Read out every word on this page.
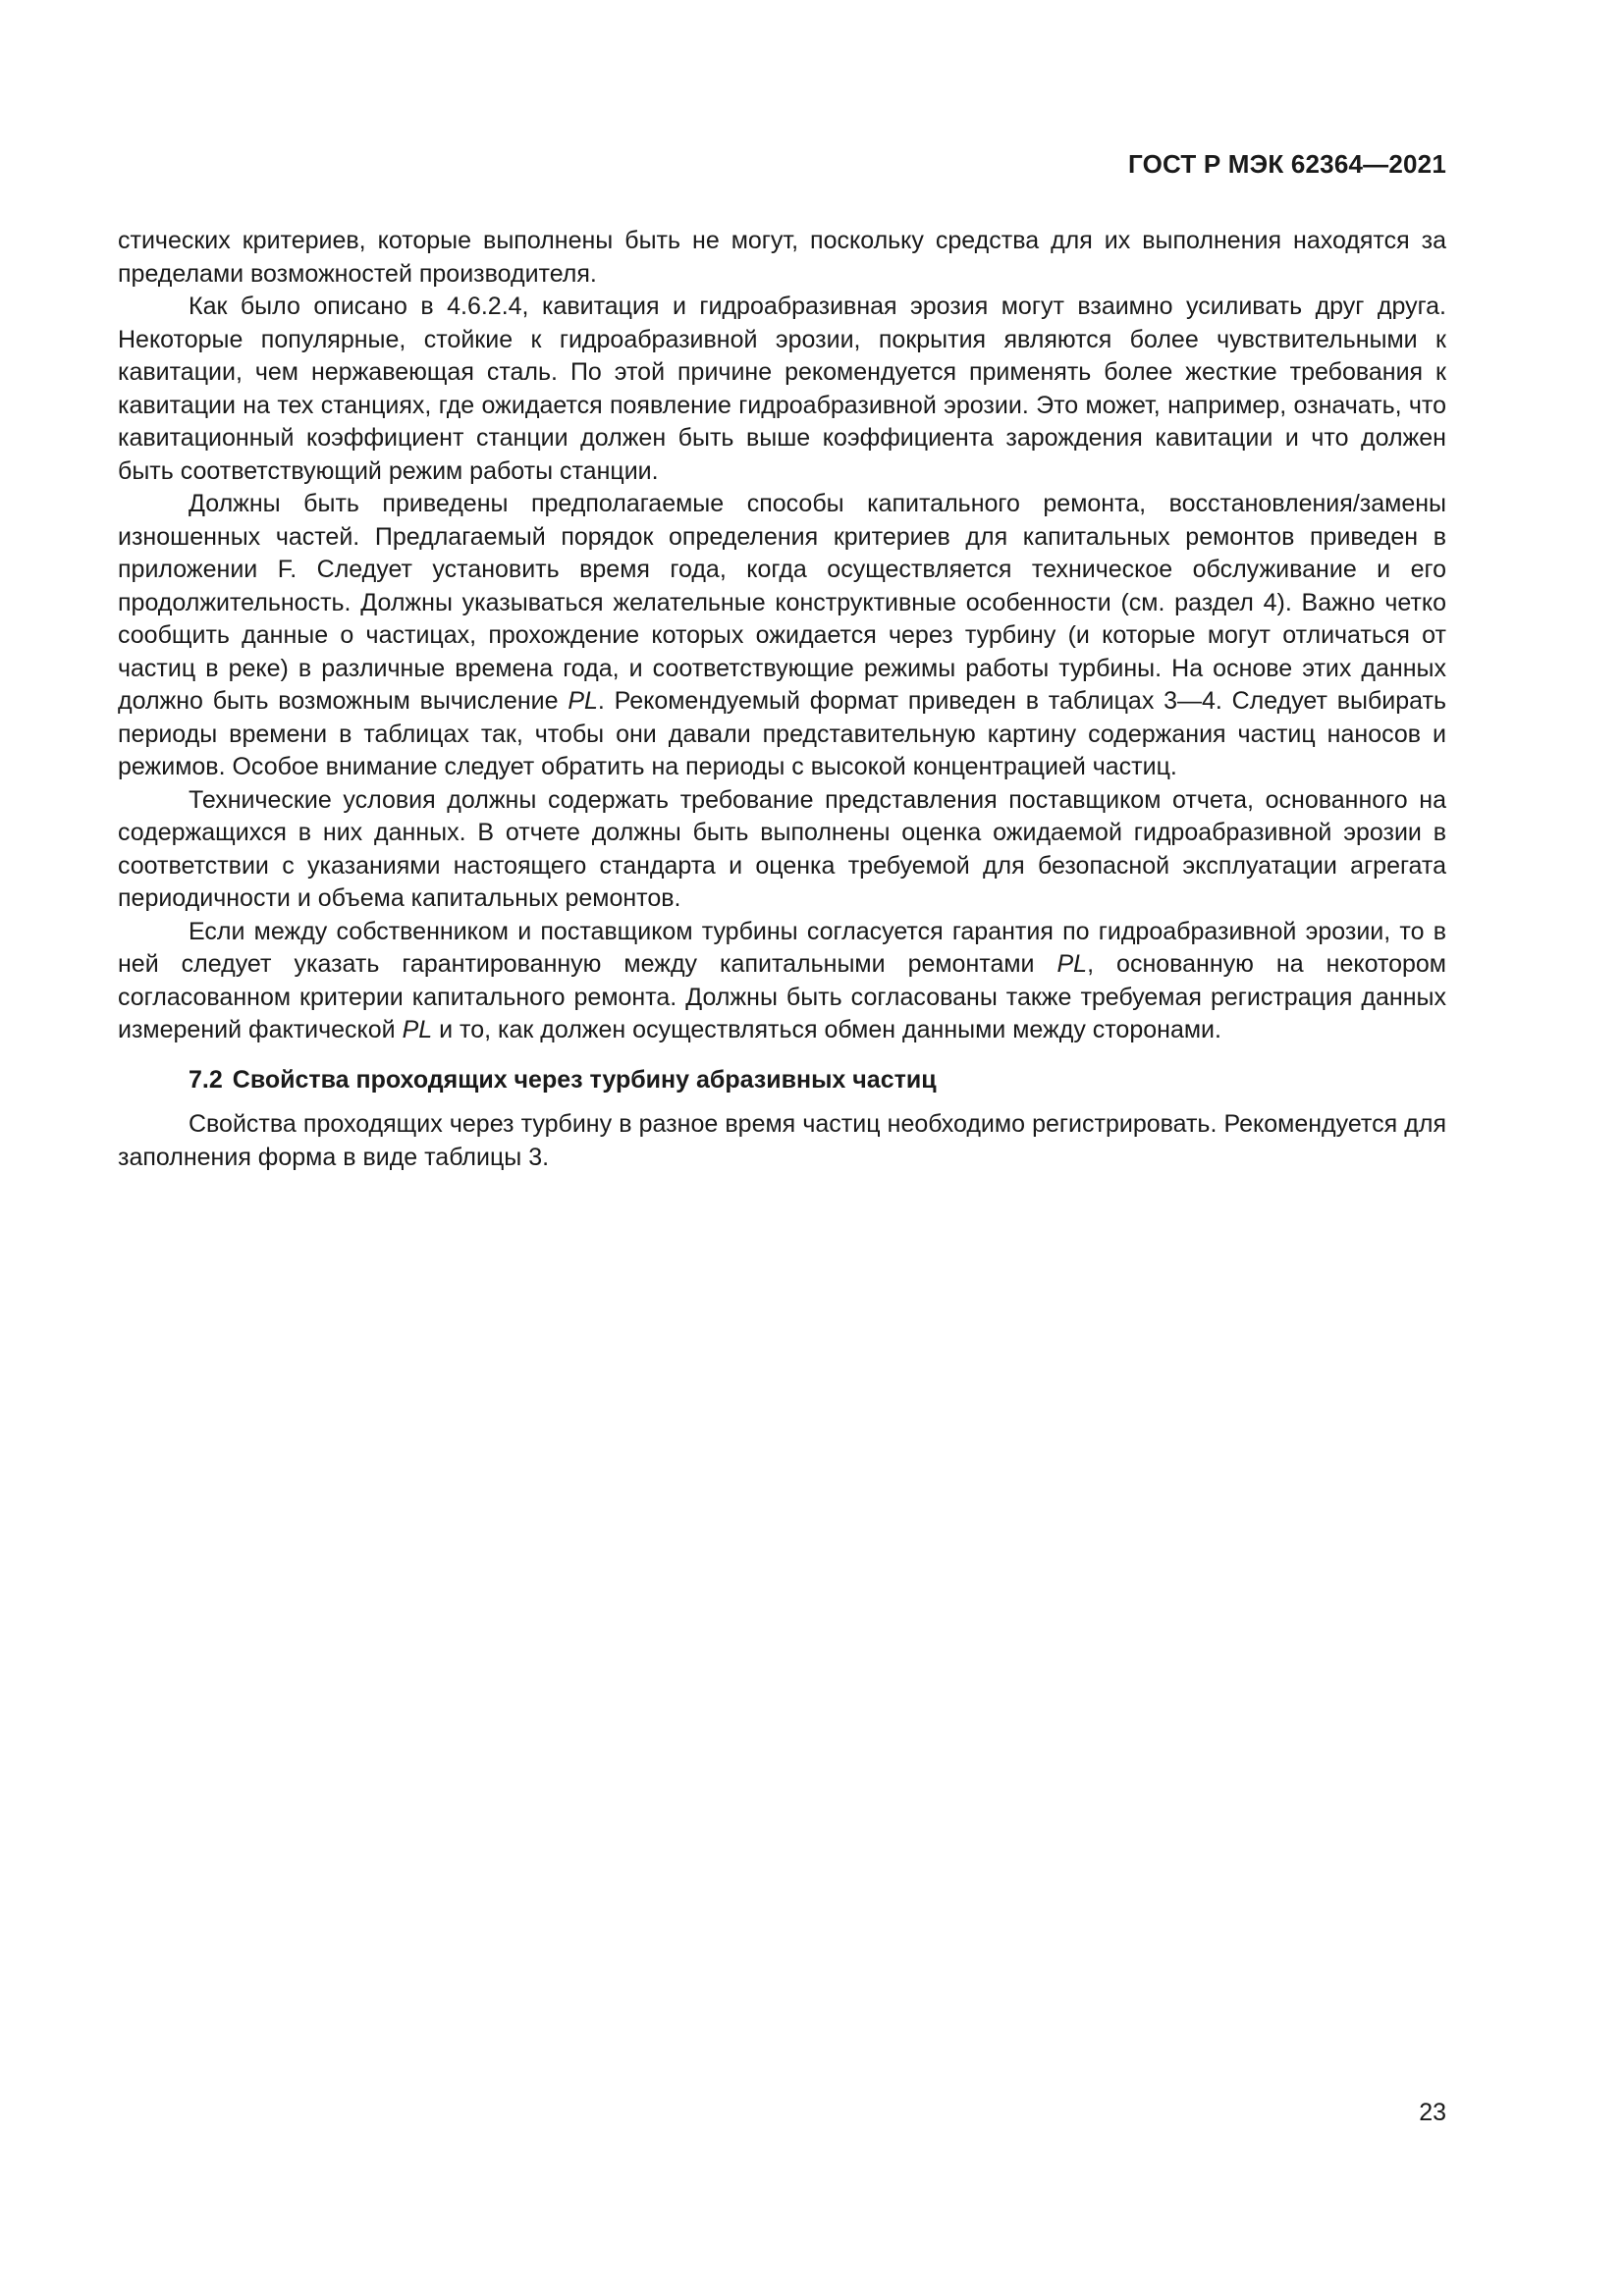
ГОСТ Р МЭК 62364—2021

стических критериев, которые выполнены быть не могут, поскольку средства для их выполнения находятся за пределами возможностей производителя.

Как было описано в 4.6.2.4, кавитация и гидроабразивная эрозия могут взаимно усиливать друг друга. Некоторые популярные, стойкие к гидроабразивной эрозии, покрытия являются более чувствительными к кавитации, чем нержавеющая сталь. По этой причине рекомендуется применять более жесткие требования к кавитации на тех станциях, где ожидается появление гидроабразивной эрозии. Это может, например, означать, что кавитационный коэффициент станции должен быть выше коэффициента зарождения кавитации и что должен быть соответствующий режим работы станции.

Должны быть приведены предполагаемые способы капитального ремонта, восстановления/замены изношенных частей. Предлагаемый порядок определения критериев для капитальных ремонтов приведен в приложении F. Следует установить время года, когда осуществляется техническое обслуживание и его продолжительность. Должны указываться желательные конструктивные особенности (см. раздел 4). Важно четко сообщить данные о частицах, прохождение которых ожидается через турбину (и которые могут отличаться от частиц в реке) в различные времена года, и соответствующие режимы работы турбины. На основе этих данных должно быть возможным вычисление PL. Рекомендуемый формат приведен в таблицах 3—4. Следует выбирать периоды времени в таблицах так, чтобы они давали представительную картину содержания частиц наносов и режимов. Особое внимание следует обратить на периоды с высокой концентрацией частиц.

Технические условия должны содержать требование представления поставщиком отчета, основанного на содержащихся в них данных. В отчете должны быть выполнены оценка ожидаемой гидроабразивной эрозии в соответствии с указаниями настоящего стандарта и оценка требуемой для безопасной эксплуатации агрегата периодичности и объема капитальных ремонтов.

Если между собственником и поставщиком турбины согласуется гарантия по гидроабразивной эрозии, то в ней следует указать гарантированную между капитальными ремонтами PL, основанную на некотором согласованном критерии капитального ремонта. Должны быть согласованы также требуемая регистрация данных измерений фактической PL и то, как должен осуществляться обмен данными между сторонами.

7.2 Свойства проходящих через турбину абразивных частиц

Свойства проходящих через турбину в разное время частиц необходимо регистрировать. Рекомендуется для заполнения форма в виде таблицы 3.

23
